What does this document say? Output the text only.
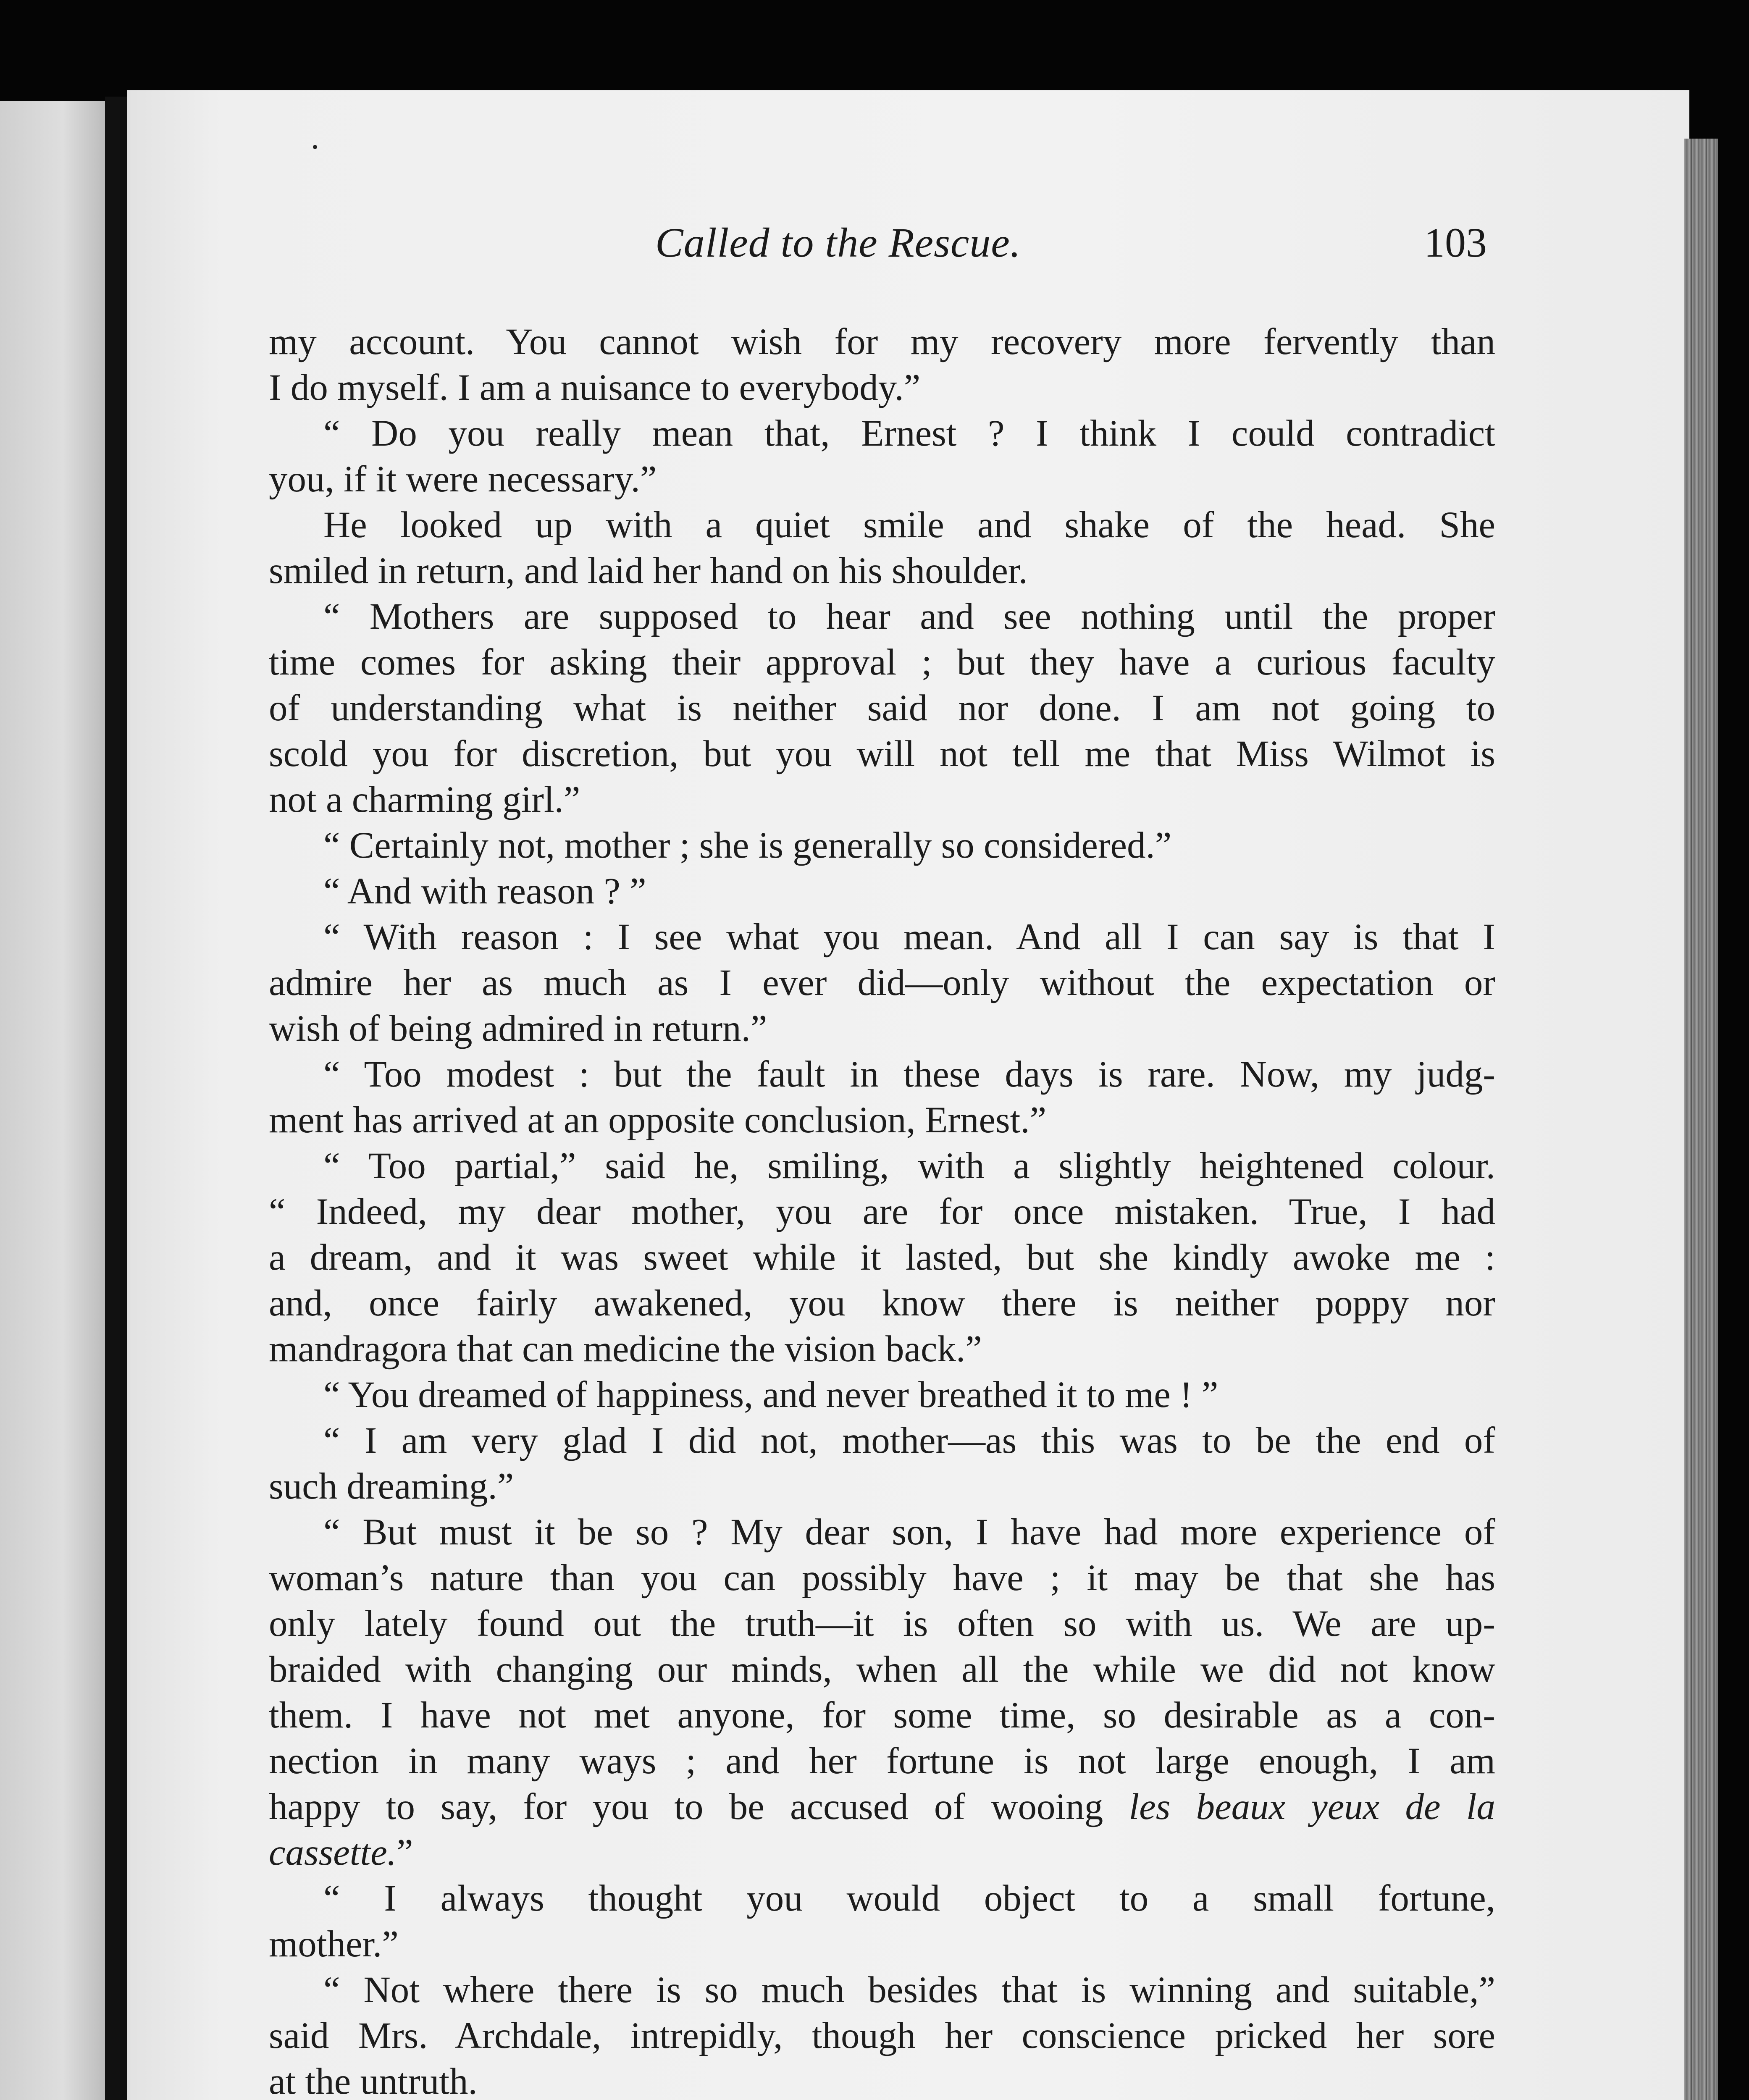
Called to the Rescue.	103
my account. You cannot wish for my recovery more fervently than
I do myself. I am a nuisance to everybody.”
“ Do you really mean that, Ernest ? I think I could contradict
you, if it were necessary.”
He looked up with a quiet smile and shake of the head. She
smiled in return, and laid her hand on his shoulder.
“ Mothers are supposed to hear and see nothing until the proper
time comes for asking their approval ; but they have a curious faculty
of understanding what is neither said nor done. I am not going to
scold you for discretion, but you will not tell me that Miss Wilmot is
not a charming girl.”
“ Certainly not, mother ; she is generally so considered.”
“ And with reason ? ”
“ With reason : I see what you mean. And all I can say is that I
admire her as much as I ever did—only without the expectation or
wish of being admired in return.”
“ Too modest : but the fault in these days is rare. Now, my judg-
ment has arrived at an opposite conclusion, Ernest.”
“ Too partial,” said he, smiling, with a slightly heightened colour.
“ Indeed, my dear mother, you are for once mistaken. True, I had
a dream, and it was sweet while it lasted, but she kindly awoke me :
and, once fairly awakened, you know there is neither poppy nor
mandragora that can medicine the vision back.”
“ You dreamed of happiness, and never breathed it to me ! ”
“ I am very glad I did not, mother—as this was to be the end of
such dreaming.”
“ But must it be so ? My dear son, I have had more experience of
woman’s nature than you can possibly have ; it may be that she has
only lately found out the truth—it is often so with us. We are up-
braided with changing our minds, when all the while we did not know
them. I have not met anyone, for some time, so desirable as a con-
nection in many ways ; and her fortune is not large enough, I am
happy to say, for you to be accused of wooing les beaux yeux de la
cassette.”
“ I always thought you would object to a small fortune,
mother.”
“ Not where there is so much besides that is winning and suitable,”
said Mrs. Archdale, intrepidly, though her conscience pricked her sore
at the untruth.
